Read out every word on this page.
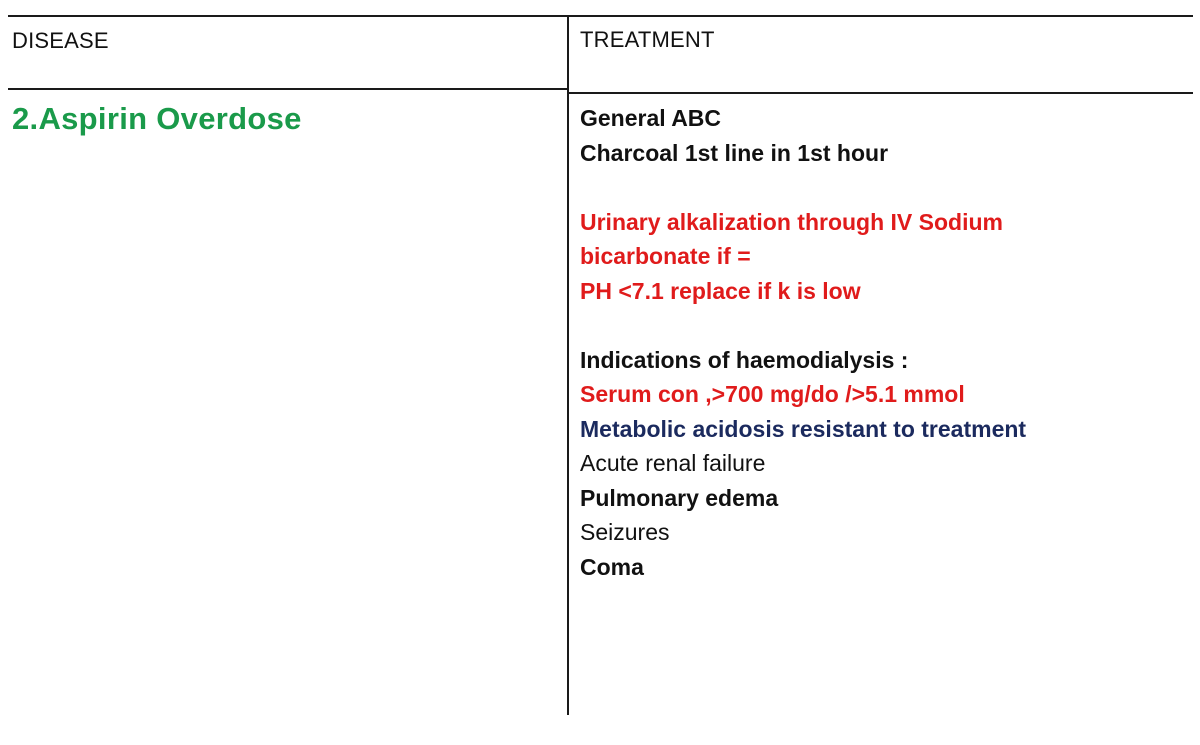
DISEASE	TREATMENT
2.Aspirin Overdose	General ABC
Charcoal 1st line in 1st hour
Urinary alkalization through IV Sodium
bicarbonate if =
PH <7.1 replace if k is low
Indications of haemodialysis :
Serum con ,>700 mg/do />5.1 mmol
Metabolic acidosis resistant to treatment
Acute renal failure
Pulmonary edema
Seizures
Coma
